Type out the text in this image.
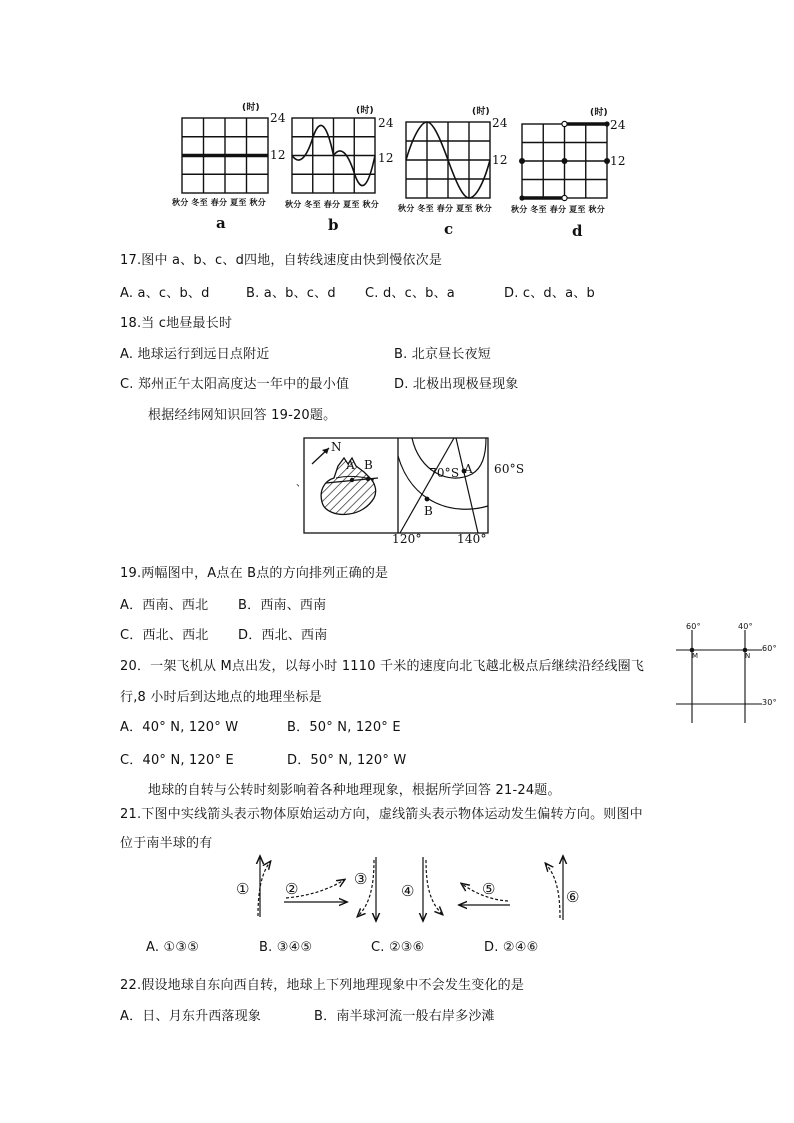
(时)	(时)	(时)	(时)
24
12
24
12
24
12
24
12
秋分 冬至 春分 夏至 秋分 秋分 冬至 春分 夏至 秋分 秋分 冬至 春分 夏至 秋分 秋分 冬至 春分 夏至 秋分
a	b	c	d
17.图中 a、b、c、d四地，自转线速度由快到慢依次是
A. a、c、b、d	B. a、b、c、d C. d、c、b、a	D. c、d、a、b
18.当 c地昼最长时
A. 地球运行到远日点附近	B. 北京昼长夜短
C. 郑州正午太阳高度达一年中的最小值	D. 北极出现极昼现象
根据经纬网知识回答 19-20题。
、
N
A B
70°S A 60°S
B
120°	140°
19.两幅图中，A点在 B点的方向排列正确的是
A．西南、西北 B．西南、西南
C．西北、西北 D．西北、西南
60°	40°
60°
30°
M	N
20．一架飞机从 M点出发，以每小时 1110 千米的速度向北飞越北极点后继续沿经线圈飞
行,8 小时后到达地点的地理坐标是
A．40° N, 120° W	B．50° N, 120° E
C．40° N, 120° E	D．50° N, 120° W
地球的自转与公转时刻影响着各种地理现象，根据所学回答 21-24题。
21.下图中实线箭头表示物体原始运动方向，虚线箭头表示物体运动发生偏转方向。则图中
位于南半球的有
① ②
③
④	⑤	⑥
A. ①③⑤	B. ③④⑤	C. ②③⑥	D. ②④⑥
22.假设地球自东向西自转，地球上下列地理现象中不会发生变化的是
A．日、月东升西落现象	B．南半球河流一般右岸多沙滩
